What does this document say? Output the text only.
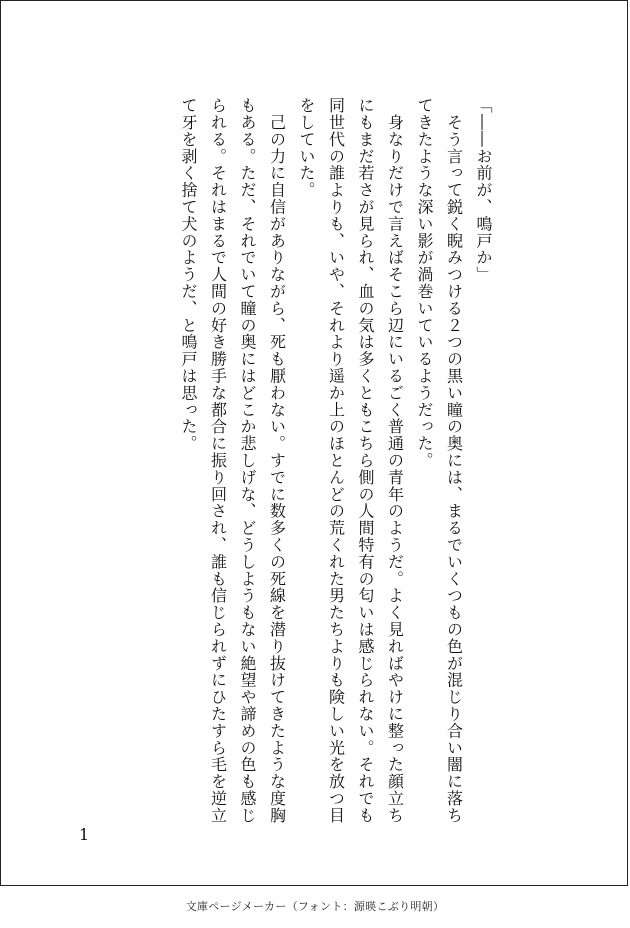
「――お前が、鳴戸か」

　そう言って鋭く睨みつける２つの黒い瞳の奥には、まるでいくつもの色が混じり合い闇に落ちてきたような深い影が渦巻いているようだった。

　身なりだけで言えばそこら辺にいるごく普通の青年のようだ。よく見ればやけに整った顔立ちにもまだ若さが見られ、血の気は多くともこちら側の人間特有の匂いは感じられない。それでも同世代の誰よりも、いや、それより遥か上のほとんどの荒くれた男たちよりも険しい光を放つ目をしていた。

　己の力に自信がありながら、死も厭わない。すでに数多くの死線を潜り抜けてきたような度胸もある。ただ、それでいて瞳の奥にはどこか悲しげな、どうしようもない絶望や諦めの色も感じられる。それはまるで人間の好き勝手な都合に振り回され、誰も信じられずにひたすら毛を逆立て牙を剥く捨て犬のようだ、と鳴戸は思った。

1
文庫ページメーカー（フォント：源暎こぶり明朝）
